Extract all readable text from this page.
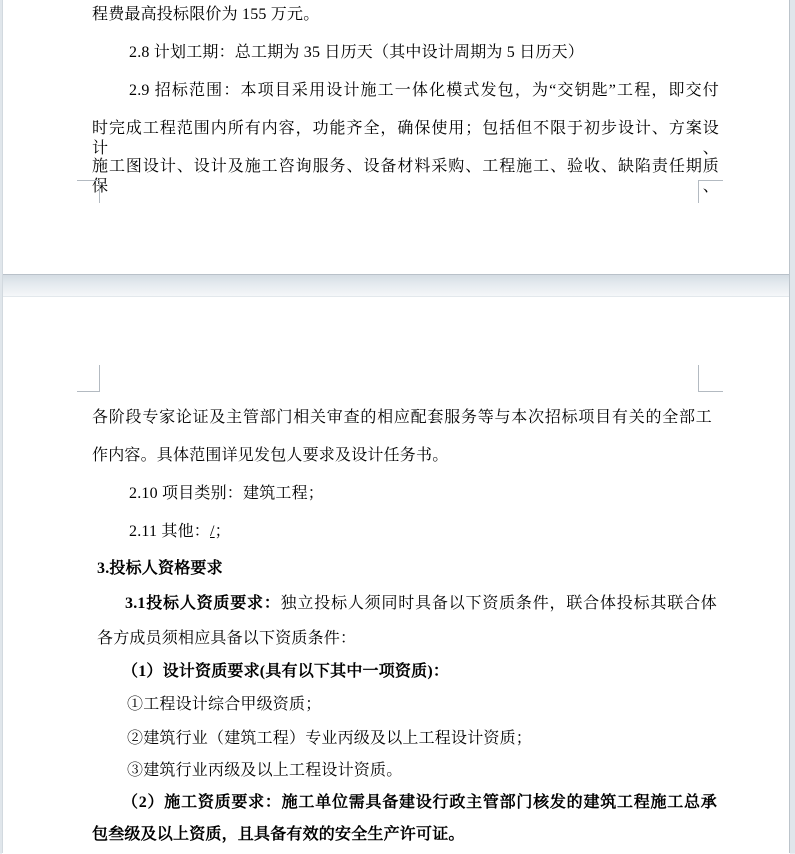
程费最高投标限价为 155 万元。
2.8 计划工期：总工期为 35 日历天（其中设计周期为 5 日历天）
2.9 招标范围：本项目采用设计施工一体化模式发包，为“交钥匙”工程，即交付
时完成工程范围内所有内容，功能齐全，确保使用；包括但不限于初步设计、方案设计、
施工图设计、设计及施工咨询服务、设备材料采购、工程施工、验收、缺陷责任期质保、
各阶段专家论证及主管部门相关审查的相应配套服务等与本次招标项目有关的全部工
作内容。具体范围详见发包人要求及设计任务书。
2.10 项目类别：建筑工程；
2.11 其他：/；
3.投标人资格要求
3.1投标人资质要求：独立投标人须同时具备以下资质条件，联合体投标其联合体
各方成员须相应具备以下资质条件：
（1）设计资质要求(具有以下其中一项资质)：
①工程设计综合甲级资质；
②建筑行业（建筑工程）专业丙级及以上工程设计资质；
③建筑行业丙级及以上工程设计资质。
（2）施工资质要求：施工单位需具备建设行政主管部门核发的建筑工程施工总承
包叁级及以上资质，且具备有效的安全生产许可证。
